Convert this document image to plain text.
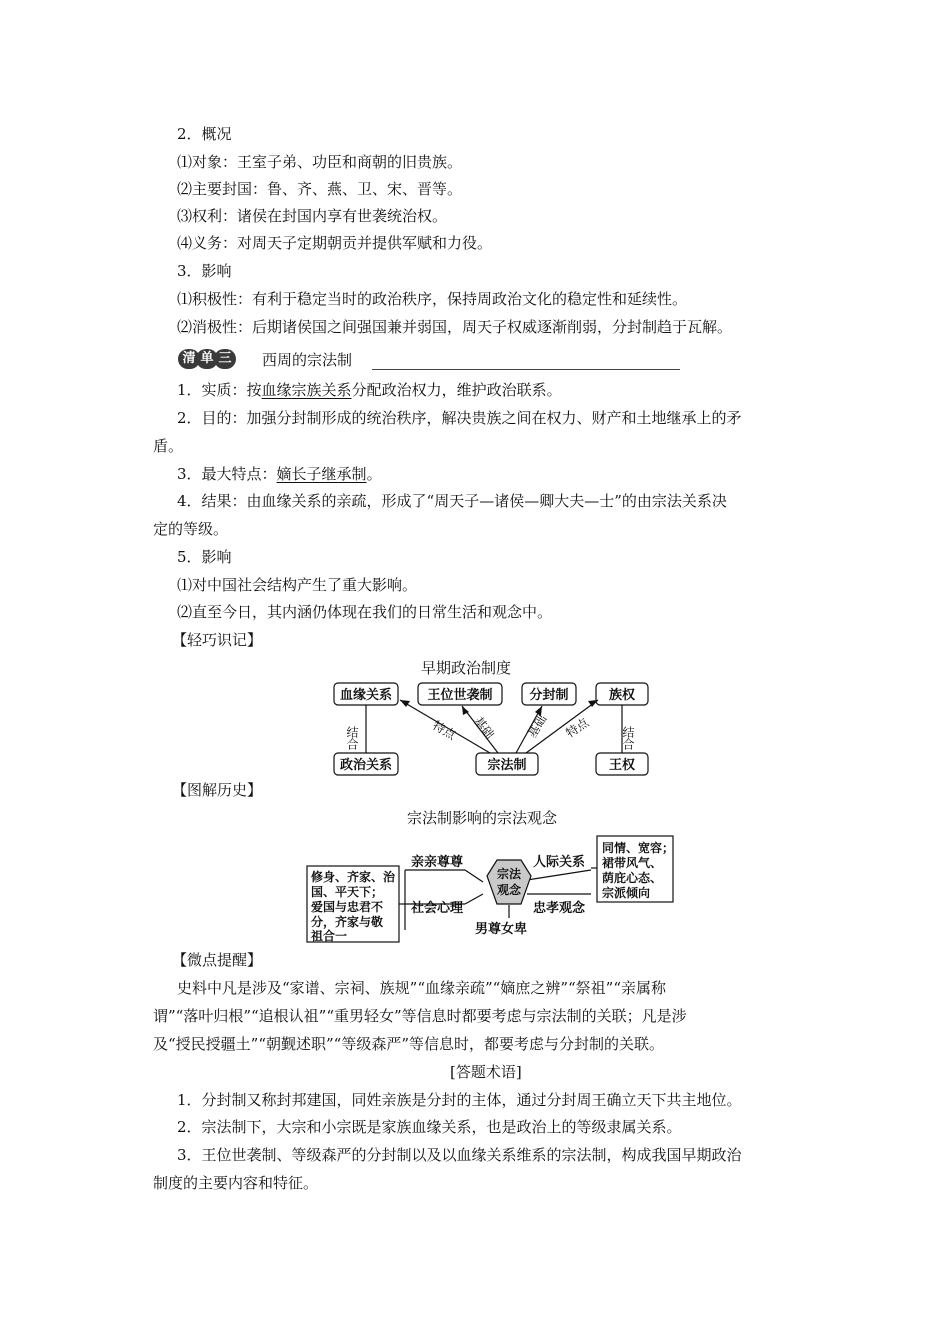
2．概况
⑴对象：王室子弟、功臣和商朝的旧贵族。
⑵主要封国：鲁、齐、燕、卫、宋、晋等。
⑶权利：诸侯在封国内享有世袭统治权。
⑷义务：对周天子定期朝贡并提供军赋和力役。
3．影响
⑴积极性：有利于稳定当时的政治秩序，保持周政治文化的稳定性和延续性。
⑵消极性：后期诸侯国之间强国兼并弱国，周天子权威逐渐削弱，分封制趋于瓦解。
清 单 三	西周的宗法制
1．实质：按血缘宗族关系分配政治权力，维护政治联系。
2．目的：加强分封制形成的统治秩序，解决贵族之间在权力、财产和土地继承上的矛
盾。
3．最大特点：嫡长子继承制。
4．结果：由血缘关系的亲疏，形成了“周天子—诸侯—卿大夫—士”的由宗法关系决
定的等级。
5．影响
⑴对中国社会结构产生了重大影响。
⑵直至今日，其内涵仍体现在我们的日常生活和观念中。
【轻巧识记】
早期政治制度
血缘关系	王位世袭制	分封制	族权
政治关系	宗法制	王权
结合	结合
特点 基础 基础 特点
【图解历史】
宗法制影响的宗法观念
宗法
观念
亲亲尊尊	人际关系
社会心理	忠孝观念
男尊女卑
修身、齐家、治
国、平天下；
爱国与忠君不
分，齐家与敬
祖合一
同情、宽容；
裙带风气、
荫庇心态、
宗派倾向
【微点提醒】
史料中凡是涉及“家谱、宗祠、族规”“血缘亲疏”“嫡庶之辨”“祭祖”“亲属称
谓”“落叶归根”“追根认祖”“重男轻女”等信息时都要考虑与宗法制的关联；凡是涉
及“授民授疆土”“朝觐述职”“等级森严”等信息时，都要考虑与分封制的关联。
[答题术语]
1．分封制又称封邦建国，同姓亲族是分封的主体，通过分封周王确立天下共主地位。
2．宗法制下，大宗和小宗既是家族血缘关系，也是政治上的等级隶属关系。
3．王位世袭制、等级森严的分封制以及以血缘关系维系的宗法制，构成我国早期政治
制度的主要内容和特征。
